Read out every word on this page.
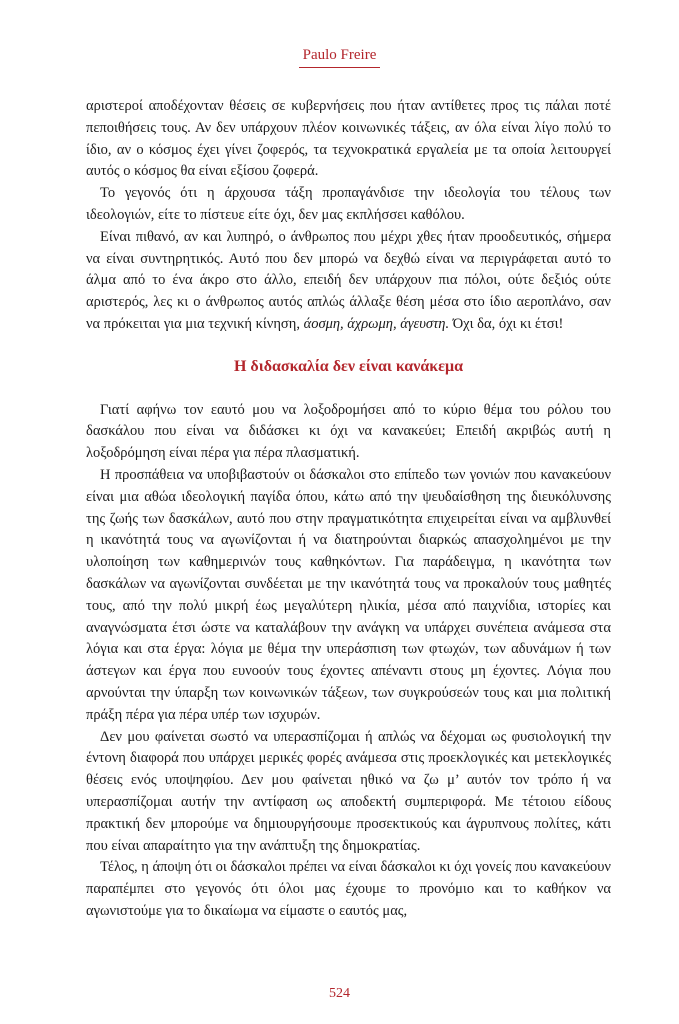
Paulo Freire

αριστεροί αποδέχονταν θέσεις σε κυβερνήσεις που ήταν αντίθετες προς τις πάλαι ποτέ πεποιθήσεις τους. Αν δεν υπάρχουν πλέον κοινωνικές τάξεις, αν όλα είναι λίγο πολύ το ίδιο, αν ο κόσμος έχει γίνει ζοφερός, τα τεχνοκρατικά εργαλεία με τα οποία λειτουργεί αυτός ο κόσμος θα είναι εξίσου ζοφερά.

Το γεγονός ότι η άρχουσα τάξη προπαγάνδισε την ιδεολογία του τέλους των ιδεολογιών, είτε το πίστευε είτε όχι, δεν μας εκπλήσσει καθόλου.

Είναι πιθανό, αν και λυπηρό, ο άνθρωπος που μέχρι χθες ήταν προοδευτικός, σήμερα να είναι συντηρητικός. Αυτό που δεν μπορώ να δεχθώ είναι να περιγράφεται αυτό το άλμα από το ένα άκρο στο άλλο, επειδή δεν υπάρχουν πια πόλοι, ούτε δεξιός ούτε αριστερός, λες κι ο άνθρωπος αυτός απλώς άλλαξε θέση μέσα στο ίδιο αεροπλάνο, σαν να πρόκειται για μια τεχνική κίνηση, άοσμη, άχρωμη, άγευστη. Όχι δα, όχι κι έτσι!

Η διδασκαλία δεν είναι κανάκεμα

Γιατί αφήνω τον εαυτό μου να λοξοδρομήσει από το κύριο θέμα του ρόλου του δασκάλου που είναι να διδάσκει κι όχι να κανακεύει; Επειδή ακριβώς αυτή η λοξοδρόμηση είναι πέρα για πέρα πλασματική.

Η προσπάθεια να υποβιβαστούν οι δάσκαλοι στο επίπεδο των γονιών που κανακεύουν είναι μια αθώα ιδεολογική παγίδα όπου, κάτω από την ψευδαίσθηση της διευκόλυνσης της ζωής των δασκάλων, αυτό που στην πραγματικότητα επιχειρείται είναι να αμβλυνθεί η ικανότητά τους να αγωνίζονται ή να διατηρούνται διαρκώς απασχολημένοι με την υλοποίηση των καθημερινών τους καθηκόντων. Για παράδειγμα, η ικανότητα των δασκάλων να αγωνίζονται συνδέεται με την ικανότητά τους να προκαλούν τους μαθητές τους, από την πολύ μικρή έως μεγαλύτερη ηλικία, μέσα από παιχνίδια, ιστορίες και αναγνώσματα έτσι ώστε να καταλάβουν την ανάγκη να υπάρχει συνέπεια ανάμεσα στα λόγια και στα έργα: λόγια με θέμα την υπεράσπιση των φτωχών, των αδυνάμων ή των άστεγων και έργα που ευνοούν τους έχοντες απέναντι στους μη έχοντες. Λόγια που αρνούνται την ύπαρξη των κοινωνικών τάξεων, των συγκρούσεών τους και μια πολιτική πράξη πέρα για πέρα υπέρ των ισχυρών.

Δεν μου φαίνεται σωστό να υπερασπίζομαι ή απλώς να δέχομαι ως φυσιολογική την έντονη διαφορά που υπάρχει μερικές φορές ανάμεσα στις προεκλογικές και μετεκλογικές θέσεις ενός υποψηφίου. Δεν μου φαίνεται ηθικό να ζω μ’ αυτόν τον τρόπο ή να υπερασπίζομαι αυτήν την αντίφαση ως αποδεκτή συμπεριφορά. Με τέτοιου είδους πρακτική δεν μπορούμε να δημιουργήσουμε προσεκτικούς και άγρυπνους πολίτες, κάτι που είναι απαραίτητο για την ανάπτυξη της δημοκρατίας.

Τέλος, η άποψη ότι οι δάσκαλοι πρέπει να είναι δάσκαλοι κι όχι γονείς που κανακεύουν παραπέμπει στο γεγονός ότι όλοι μας έχουμε το προνόμιο και το καθήκον να αγωνιστούμε για το δικαίωμα να είμαστε ο εαυτός μας,

524
